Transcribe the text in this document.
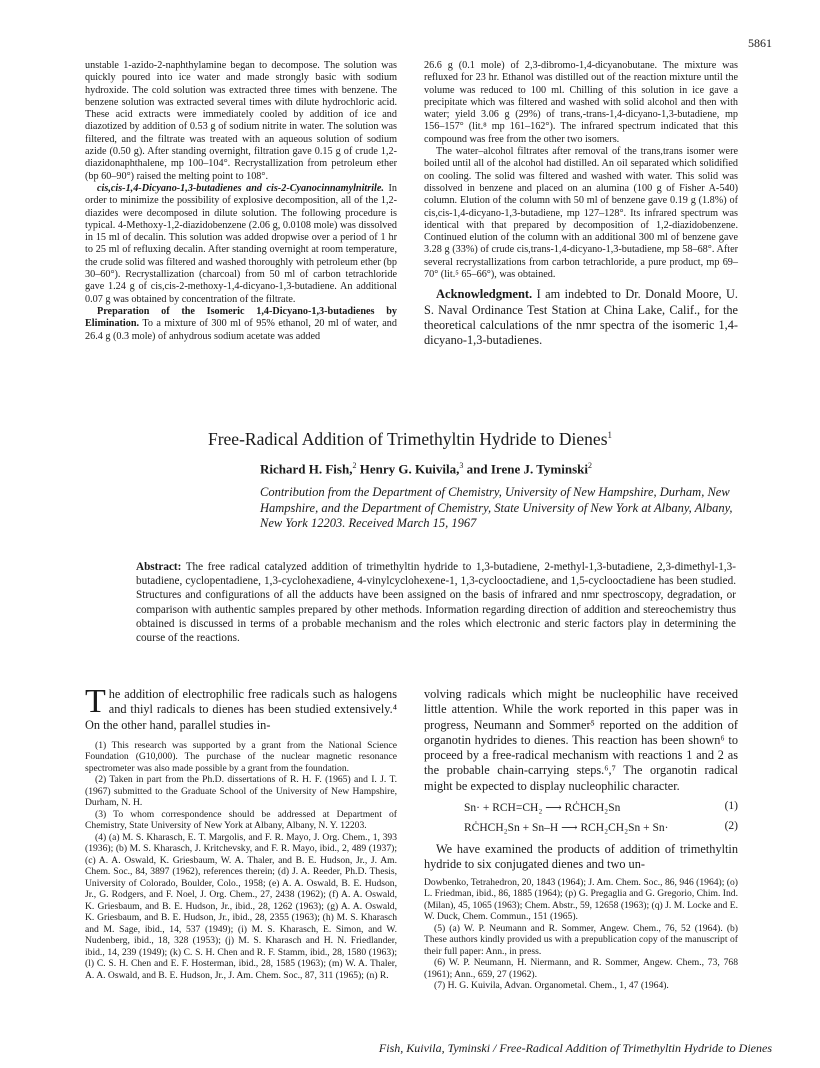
5861

unstable 1-azido-2-naphthylamine began to decompose. The solution was quickly poured into ice water and made strongly basic with sodium hydroxide. The cold solution was extracted three times with benzene. The benzene solution was extracted several times with dilute hydrochloric acid. These acid extracts were immediately cooled by addition of ice and diazotized by addition of 0.53 g of sodium nitrite in water. The solution was filtered, and the filtrate was treated with an aqueous solution of sodium azide (0.50 g). After standing overnight, filtration gave 0.15 g of crude 1,2-diazidonaphthalene, mp 100–104°. Recrystallization from petroleum ether (bp 60–90°) raised the melting point to 108°.

cis,cis-1,4-Dicyano-1,3-butadienes and cis-2-Cyanocinnamylnitrile. In order to minimize the possibility of explosive decomposition, all of the 1,2-diazides were decomposed in dilute solution. The following procedure is typical. 4-Methoxy-1,2-diazidobenzene (2.06 g, 0.0108 mole) was dissolved in 15 ml of decalin. This solution was added dropwise over a period of 1 hr to 25 ml of refluxing decalin. After standing overnight at room temperature, the crude solid was filtered and washed thoroughly with petroleum ether (bp 30–60°). Recrystallization (charcoal) from 50 ml of carbon tetrachloride gave 1.24 g of cis,cis-2-methoxy-1,4-dicyano-1,3-butadiene. An additional 0.07 g was obtained by concentration of the filtrate.

Preparation of the Isomeric 1,4-Dicyano-1,3-butadienes by Elimination. To a mixture of 300 ml of 95% ethanol, 20 ml of water, and 26.4 g (0.3 mole) of anhydrous sodium acetate was added

26.6 g (0.1 mole) of 2,3-dibromo-1,4-dicyanobutane. The mixture was refluxed for 23 hr. Ethanol was distilled out of the reaction mixture until the volume was reduced to 100 ml. Chilling of this solution in ice gave a precipitate which was filtered and washed with solid alcohol and then with water; yield 3.06 g (29%) of trans,-trans-1,4-dicyano-1,3-butadiene, mp 156–157° (lit.⁸ mp 161–162°). The infrared spectrum indicated that this compound was free from the other two isomers.

The water–alcohol filtrates after removal of the trans,trans isomer were boiled until all of the alcohol had distilled. An oil separated which solidified on cooling. The solid was filtered and washed with water. This solid was dissolved in benzene and placed on an alumina (100 g of Fisher A-540) column. Elution of the column with 50 ml of benzene gave 0.19 g (1.8%) of cis,cis-1,4-dicyano-1,3-butadiene, mp 127–128°. Its infrared spectrum was identical with that prepared by decomposition of 1,2-diazidobenzene. Continued elution of the column with an additional 300 ml of benzene gave 3.28 g (33%) of crude cis,trans-1,4-dicyano-1,3-butadiene, mp 58–68°. After several recrystallizations from carbon tetrachloride, a pure product, mp 69–70° (lit.⁵ 65–66°), was obtained.

Acknowledgment. I am indebted to Dr. Donald Moore, U. S. Naval Ordinance Test Station at China Lake, Calif., for the theoretical calculations of the nmr spectra of the isomeric 1,4-dicyano-1,3-butadienes.

Free-Radical Addition of Trimethyltin Hydride to Dienes$^1$
Richard H. Fish,$^2$ Henry G. Kuivila,$^3$ and Irene J. Tyminski$^2$
Contribution from the Department of Chemistry, University of New Hampshire, Durham, New Hampshire, and the Department of Chemistry, State University of New York at Albany, Albany, New York 12203. Received March 15, 1967
Abstract: The free radical catalyzed addition of trimethyltin hydride to 1,3-butadiene, 2-methyl-1,3-butadiene, 2,3-dimethyl-1,3-butadiene, cyclopentadiene, 1,3-cyclohexadiene, 4-vinylcyclohexene-1, 1,3-cyclooctadiene, and 1,5-cyclooctadiene has been studied. Structures and configurations of all the adducts have been assigned on the basis of infrared and nmr spectroscopy, degradation, or comparison with authentic samples prepared by other methods. Information regarding direction of addition and stereochemistry thus obtained is discussed in terms of a probable mechanism and the roles which electronic and steric factors play in determining the course of the reactions.

The addition of electrophilic free radicals such as halogens and thiyl radicals to dienes has been studied extensively.⁴ On the other hand, parallel studies in-

(1) This research was supported by a grant from the National Science Foundation (G10,000). The purchase of the nuclear magnetic resonance spectrometer was also made possible by a grant from the foundation.

(2) Taken in part from the Ph.D. dissertations of R. H. F. (1965) and I. J. T. (1967) submitted to the Graduate School of the University of New Hampshire, Durham, N. H.

(3) To whom correspondence should be addressed at Department of Chemistry, State University of New York at Albany, Albany, N. Y. 12203.

(4) (a) M. S. Kharasch, E. T. Margolis, and F. R. Mayo, J. Org. Chem., 1, 393 (1936); (b) M. S. Kharasch, J. Kritchevsky, and F. R. Mayo, ibid., 2, 489 (1937); (c) A. A. Oswald, K. Griesbaum, W. A. Thaler, and B. E. Hudson, Jr., J. Am. Chem. Soc., 84, 3897 (1962), references therein; (d) J. A. Reeder, Ph.D. Thesis, University of Colorado, Boulder, Colo., 1958; (e) A. A. Oswald, B. E. Hudson, Jr., G. Rodgers, and F. Noel, J. Org. Chem., 27, 2438 (1962); (f) A. A. Oswald, K. Griesbaum, and B. E. Hudson, Jr., ibid., 28, 1262 (1963); (g) A. A. Oswald, K. Griesbaum, and B. E. Hudson, Jr., ibid., 28, 2355 (1963); (h) M. S. Kharasch and M. Sage, ibid., 14, 537 (1949); (i) M. S. Kharasch, E. Simon, and W. Nudenberg, ibid., 18, 328 (1953); (j) M. S. Kharasch and H. N. Friedlander, ibid., 14, 239 (1949); (k) C. S. H. Chen and R. F. Stamm, ibid., 28, 1580 (1963); (l) C. S. H. Chen and E. F. Hosterman, ibid., 28, 1585 (1963); (m) W. A. Thaler, A. A. Oswald, and B. E. Hudson, Jr., J. Am. Chem. Soc., 87, 311 (1965); (n) R.

volving radicals which might be nucleophilic have received little attention. While the work reported in this paper was in progress, Neumann and Sommer⁵ reported on the addition of organotin hydrides to dienes. This reaction has been shown⁶ to proceed by a free-radical mechanism with reactions 1 and 2 as the probable chain-carrying steps.⁶,⁷ The organotin radical might be expected to display nucleophilic character.

Sn· + RCH=CH₂ ⟶ RĊHCH₂Sn	(1)
RĊHCH₂Sn + Sn–H ⟶ RCH₂CH₂Sn + Sn·	(2)

We have examined the products of addition of trimethyltin hydride to six conjugated dienes and two un-

Dowbenko, Tetrahedron, 20, 1843 (1964); J. Am. Chem. Soc., 86, 946 (1964); (o) L. Friedman, ibid., 86, 1885 (1964); (p) G. Pregaglia and G. Gregorio, Chim. Ind. (Milan), 45, 1065 (1963); Chem. Abstr., 59, 12658 (1963); (q) J. M. Locke and E. W. Duck, Chem. Commun., 151 (1965).

(5) (a) W. P. Neumann and R. Sommer, Angew. Chem., 76, 52 (1964). (b) These authors kindly provided us with a prepublication copy of the manuscript of their full paper: Ann., in press.

(6) W. P. Neumann, H. Niermann, and R. Sommer, Angew. Chem., 73, 768 (1961); Ann., 659, 27 (1962).

(7) H. G. Kuivila, Advan. Organometal. Chem., 1, 47 (1964).

Fish, Kuivila, Tyminski / Free-Radical Addition of Trimethyltin Hydride to Dienes
